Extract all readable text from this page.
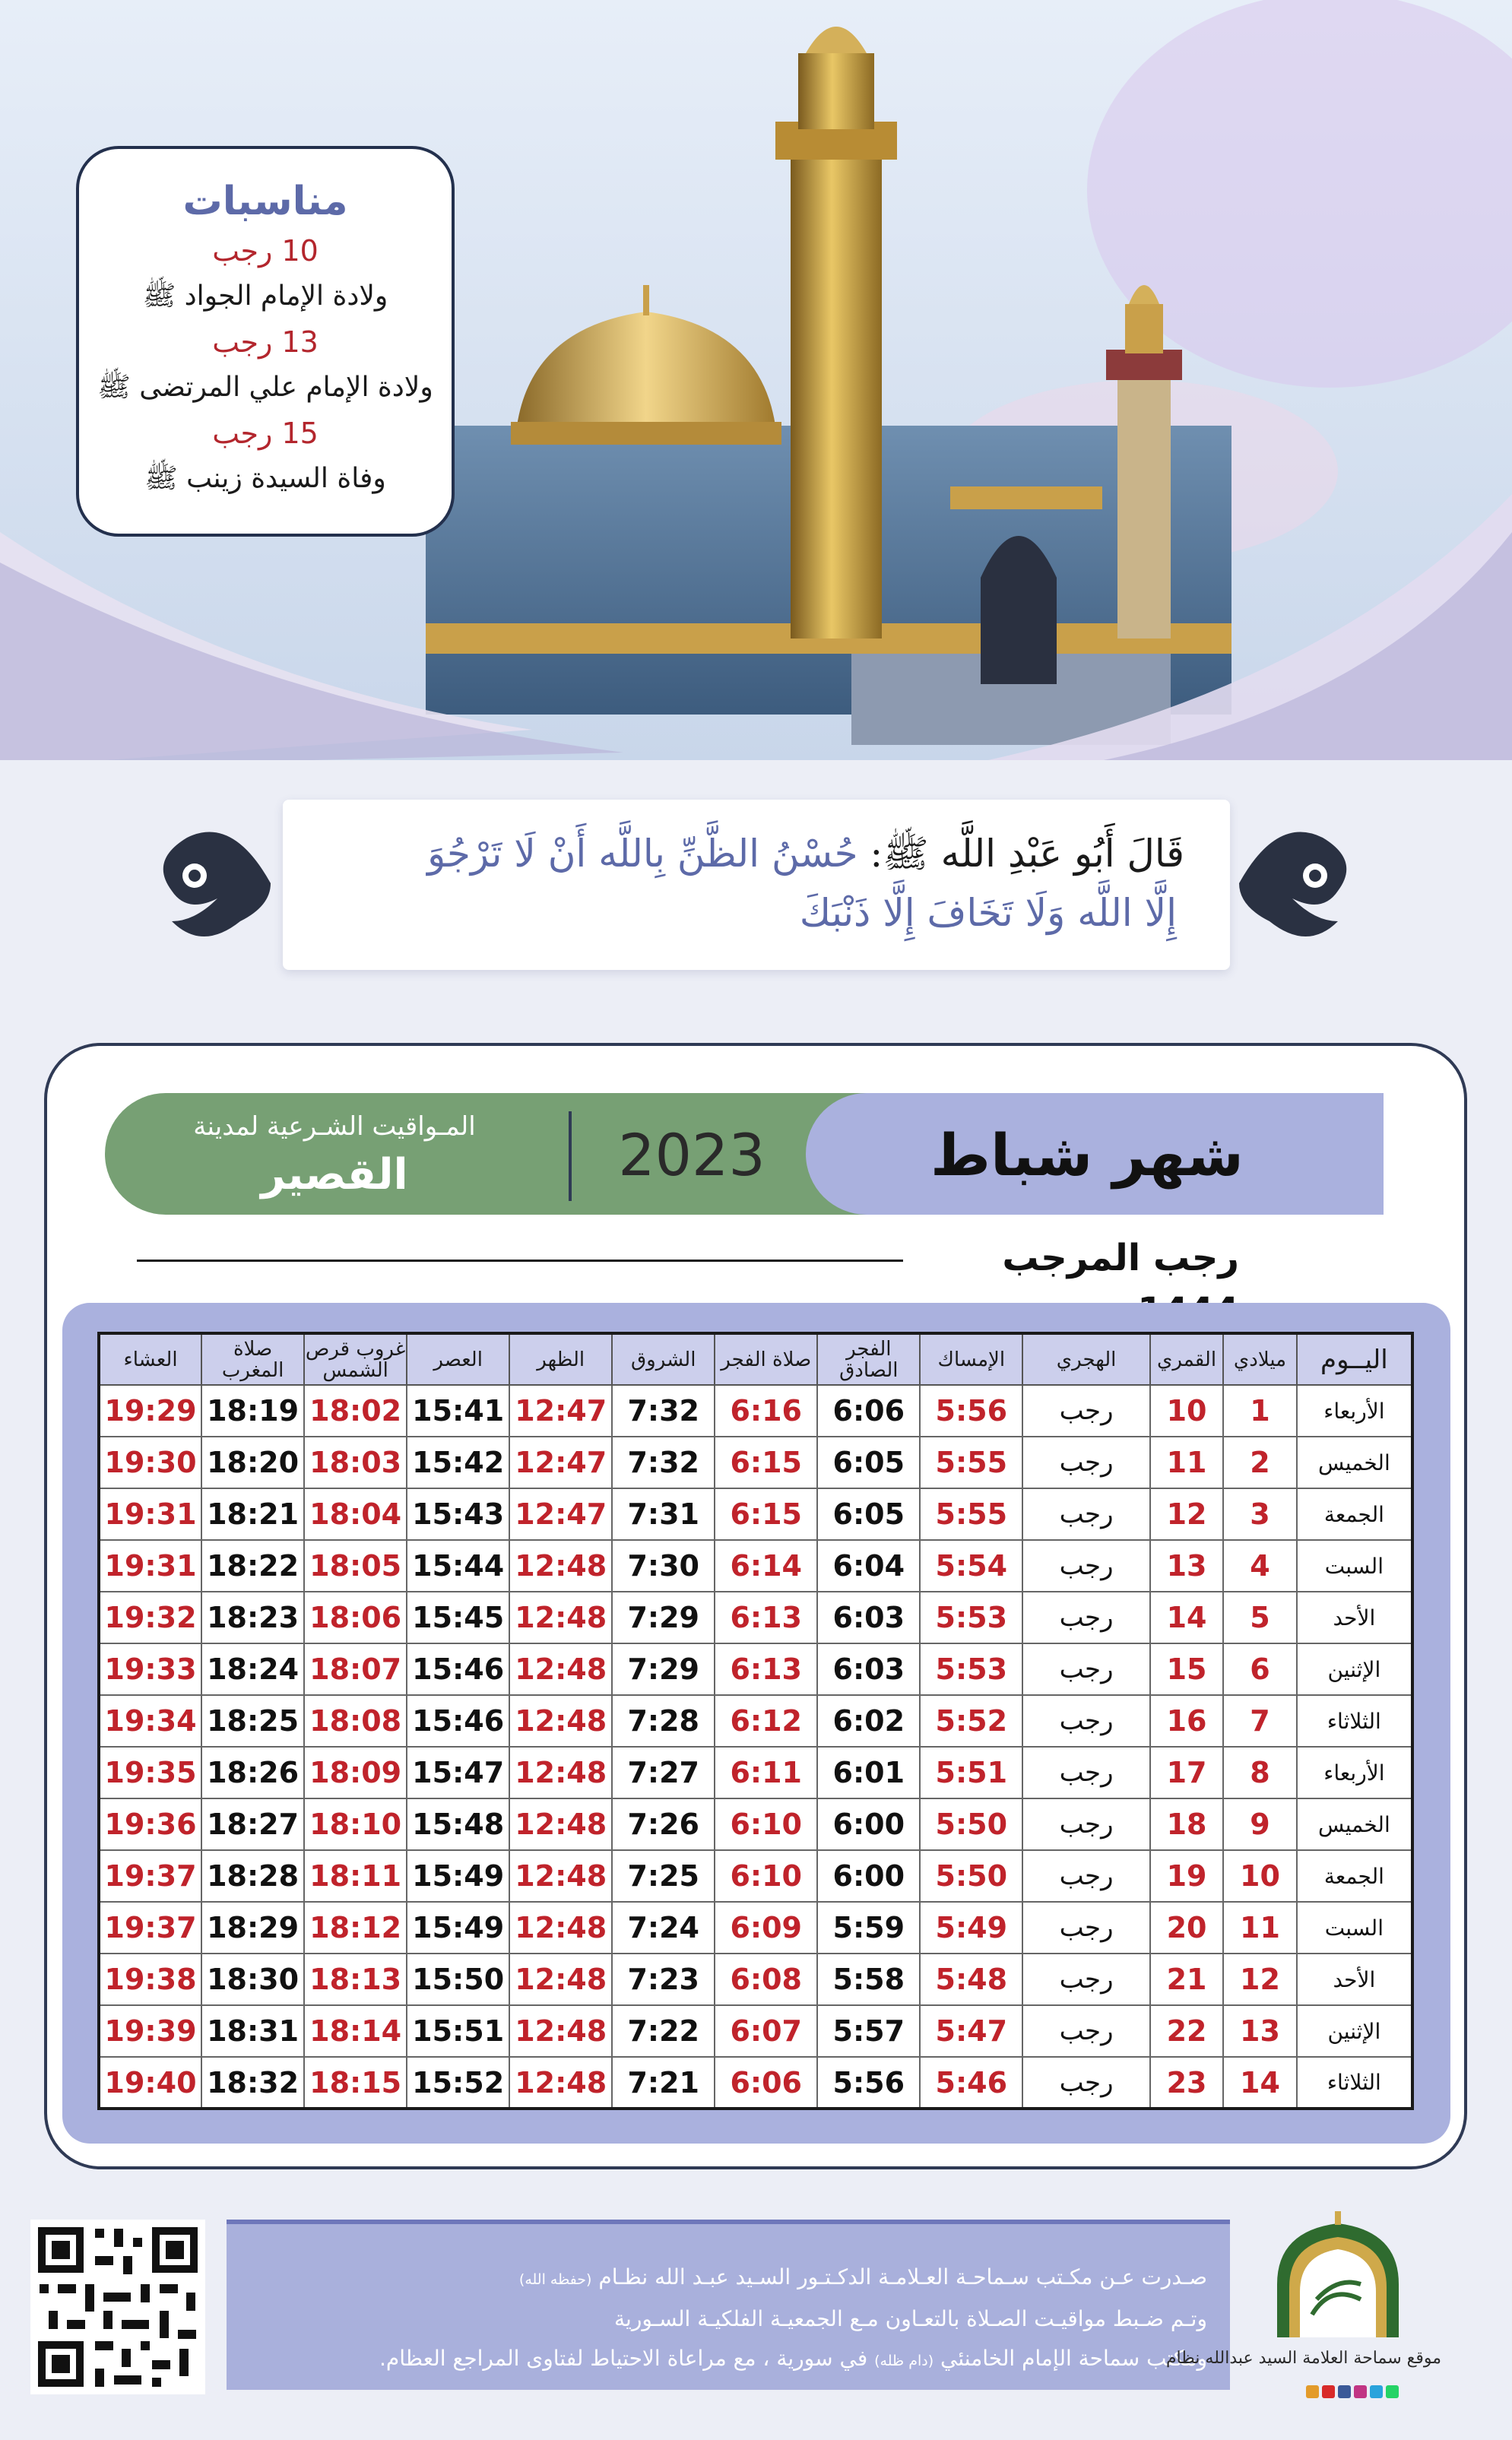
مناسبات
10 رجب
ولادة الإمام الجواد ﷺ
13 رجب
ولادة الإمام علي المرتضى ﷺ
15 رجب
وفاة السيدة زينب ﷺ
قَالَ أَبُو عَبْدِ اللَّه ﷺ: حُسْنُ الظَّنِّ بِاللَّه أَنْ لَا تَرْجُوَ
إِلَّا اللَّه وَلَا تَخَافَ إِلَّا ذَنْبَكَ
شهر شباط
2023
المـواقيت الشـرعية لمدينة
القصير
رجب المرجب
اليــوم	ميلادي	القمري	الهجري	الإمساك	الفجر الصادق	صلاة الفجر	الشروق	الظهر	العصر	غروب قرص الشمس	صلاة المغرب	العشاء
الأربعاء	1	10	رجب	5:56	6:06	6:16	7:32	12:47	15:41	18:02	18:19	19:29
الخميس	2	11	رجب	5:55	6:05	6:15	7:32	12:47	15:42	18:03	18:20	19:30
الجمعة	3	12	رجب	5:55	6:05	6:15	7:31	12:47	15:43	18:04	18:21	19:31
السبت	4	13	رجب	5:54	6:04	6:14	7:30	12:48	15:44	18:05	18:22	19:31
الأحد	5	14	رجب	5:53	6:03	6:13	7:29	12:48	15:45	18:06	18:23	19:32
الإثنين	6	15	رجب	5:53	6:03	6:13	7:29	12:48	15:46	18:07	18:24	19:33
الثلاثاء	7	16	رجب	5:52	6:02	6:12	7:28	12:48	15:46	18:08	18:25	19:34
الأربعاء	8	17	رجب	5:51	6:01	6:11	7:27	12:48	15:47	18:09	18:26	19:35
الخميس	9	18	رجب	5:50	6:00	6:10	7:26	12:48	15:48	18:10	18:27	19:36
الجمعة	10	19	رجب	5:50	6:00	6:10	7:25	12:48	15:49	18:11	18:28	19:37
السبت	11	20	رجب	5:49	5:59	6:09	7:24	12:48	15:49	18:12	18:29	19:37
الأحد	12	21	رجب	5:48	5:58	6:08	7:23	12:48	15:50	18:13	18:30	19:38
الإثنين	13	22	رجب	5:47	5:57	6:07	7:22	12:48	15:51	18:14	18:31	19:39
الثلاثاء	14	23	رجب	5:46	5:56	6:06	7:21	12:48	15:52	18:15	18:32	19:40
صـدرت عـن مكـتب سـماحـة العـلامـة الدكـتـور السـيد عبـد الله نظـام (حفظه الله)
وتـم ضـبط مواقيـت الصـلاة بالتعـاون مـع الجمعيـة الفلكيـة السـورية
ومكتب سماحة الإمام الخامنئي (دام ظله) في سورية ، مع مراعاة الاحتياط لفتاوى المراجع العظام.	موقع سماحة العلامة السيد عبدالله نظام
